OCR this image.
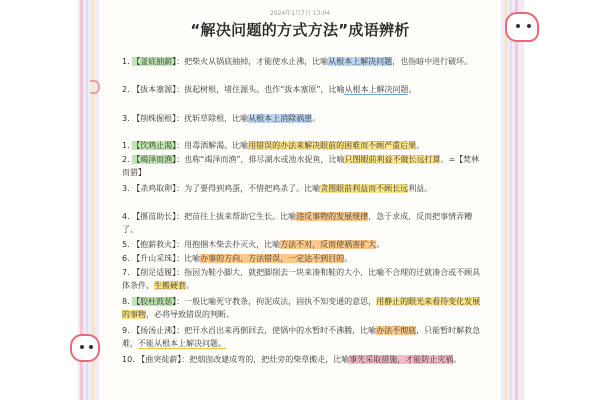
2024年1月7日 13:04
“解决问题的方式方法”成语辨析
1. 【釜底抽薪】：把柴火从锅底抽掉，才能使水止沸，比喻从根本上解决问题，也指暗中进行破坏。
2. 【拔本塞源】：拔起树根，堵住源头。也作“拔本塞原”，比喻从根本上解决问题。
3. 【削株掘根】：扰斩草除根，比喻从根本上消除祸患。
1. 【饮鸩止渴】：用毒酒解渴。比喻用错误的办法来解决眼前的困难而不顾严重后果。
2. 【竭泽而渔】：也称“竭泽而渔”，排尽湖水或池水捉鱼，比喻只图眼前利益不做长远打算。=【焚林而猎】
3. 【杀鸡取卵】：为了要得到鸡蛋，不惜把鸡杀了。比喻贪图眼前利益而不顾长远利益。
4. 【揠苗助长】：把苗往上拔来帮助它生长。比喻违反事物的发展规律，急于求成，反而把事情弄糟了。
5. 【抱薪救火】：用抱捆木柴去扑灭火，比喻方法不对，反而使祸害扩大。
6. 【升山采珠】：比喻办事的方向、方法错误，一定达不到目的。
7. 【削足适履】：指因为鞋小脚大，就把脚削去一块来凑和鞋的大小，比喻不合理的迁就凑合或不顾具体条件，生搬硬套。
8. 【胶柱鼓瑟】：一般比喻死守教条，拘泥成法，固执不知变通的意思，用静止的眼光来看待变化发展的事物，必将导致错误的判断。
9. 【扬汤止沸】：把开水舀出来再倒回去，使锅中的水暂时不沸腾，比喻办法不彻底，只能暂时解救急难，不能从根本上解决问题。
10. 【曲突徙薪】：把烟囱改建成弯的，把灶旁的柴草搬走，比喻事先采取措施，才能防止灾祸。
